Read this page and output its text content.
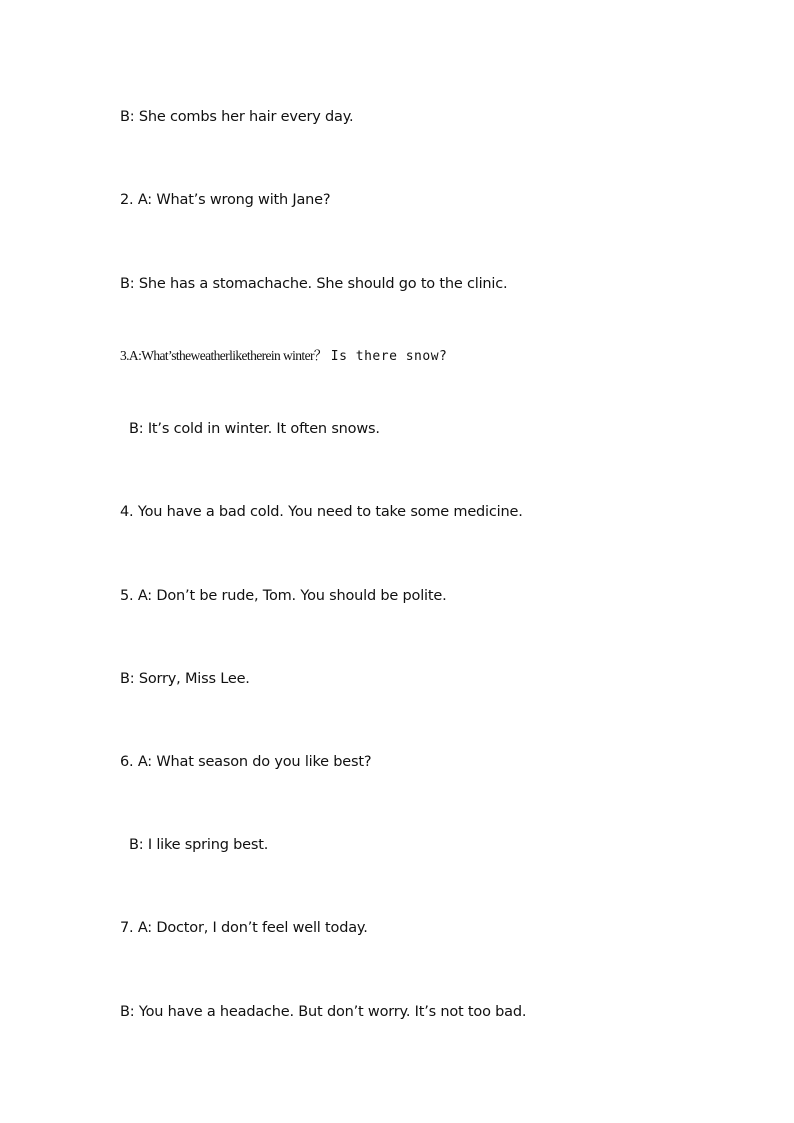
B: She combs her hair every day.
2. A: What’s wrong with Jane?
B: She has a stomachache. She should go to the clinic.
3.A:What’stheweatherliketherein winter？ Is there snow?
B: It’s cold in winter. It often snows.
4. You have a bad cold. You need to take some medicine.
5. A: Don’t be rude, Tom. You should be polite.
B: Sorry, Miss Lee.
6. A: What season do you like best?
B: I like spring best.
7. A: Doctor, I don’t feel well today.
B: You have a headache. But don’t worry. It’s not too bad.
